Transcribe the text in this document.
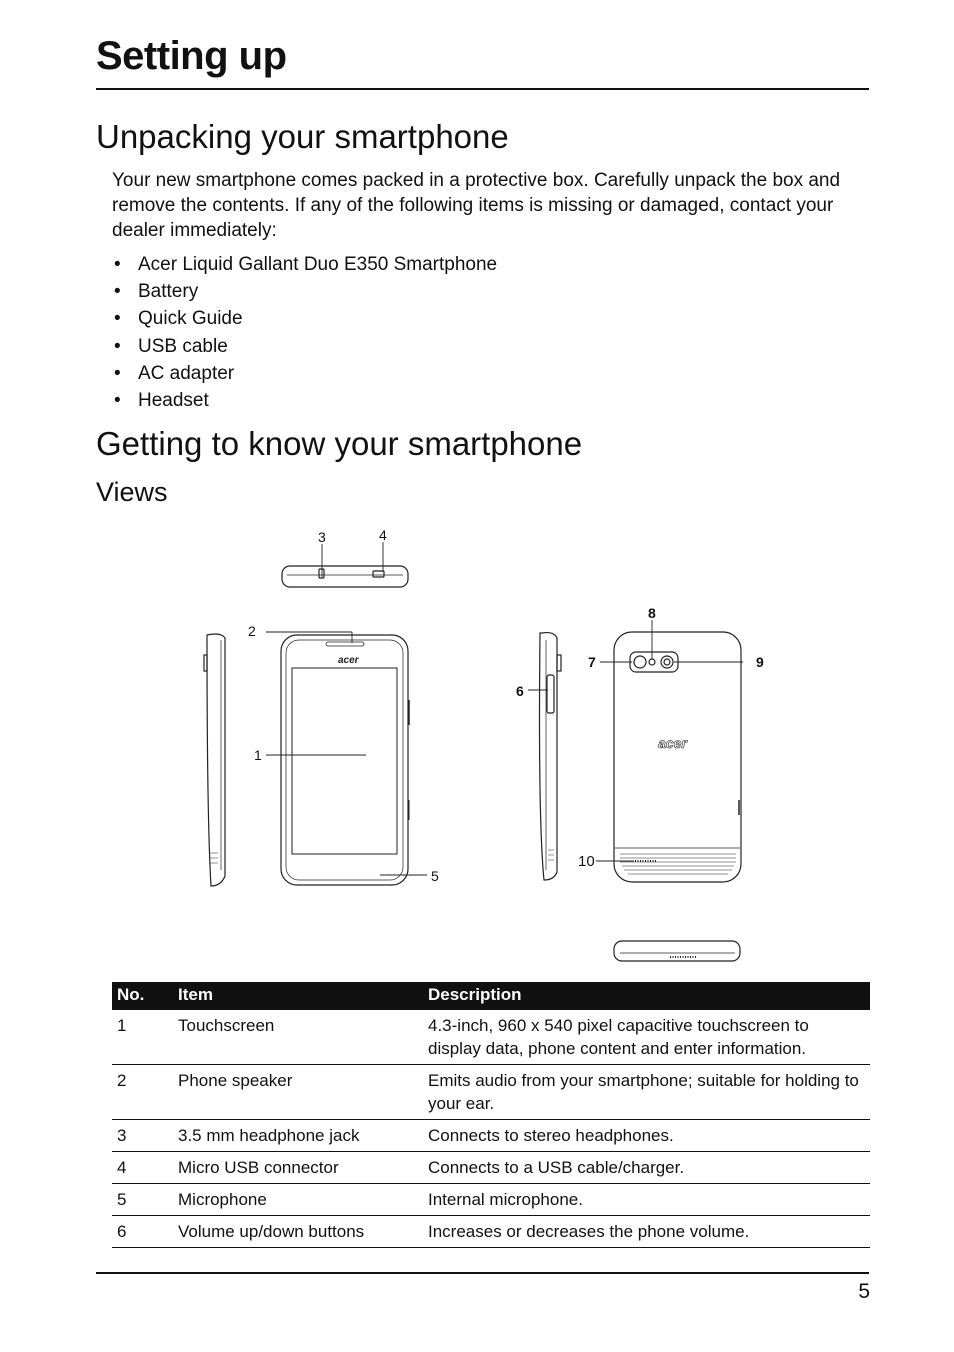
Setting up
Unpacking your smartphone

Your new smartphone comes packed in a protective box. Carefully unpack the box and remove the contents. If any of the following items is missing or damaged, contact your dealer immediately:

• Acer Liquid Gallant Duo E350 Smartphone
• Battery
• Quick Guide
• USB cable
• AC adapter
• Headset
Getting to know your smartphone
Views
acer
acer
1
2
3	4
5
6
7
8
9
10
No.	Item	Description
1	Touchscreen	4.3-inch, 960 x 540 pixel capacitive touchscreen to display data, phone content and enter information.
2	Phone speaker	Emits audio from your smartphone; suitable for holding to your ear.
3	3.5 mm headphone jack	Connects to stereo headphones.
4	Micro USB connector	Connects to a USB cable/charger.
5	Microphone	Internal microphone.
6	Volume up/down buttons	Increases or decreases the phone volume.
5
